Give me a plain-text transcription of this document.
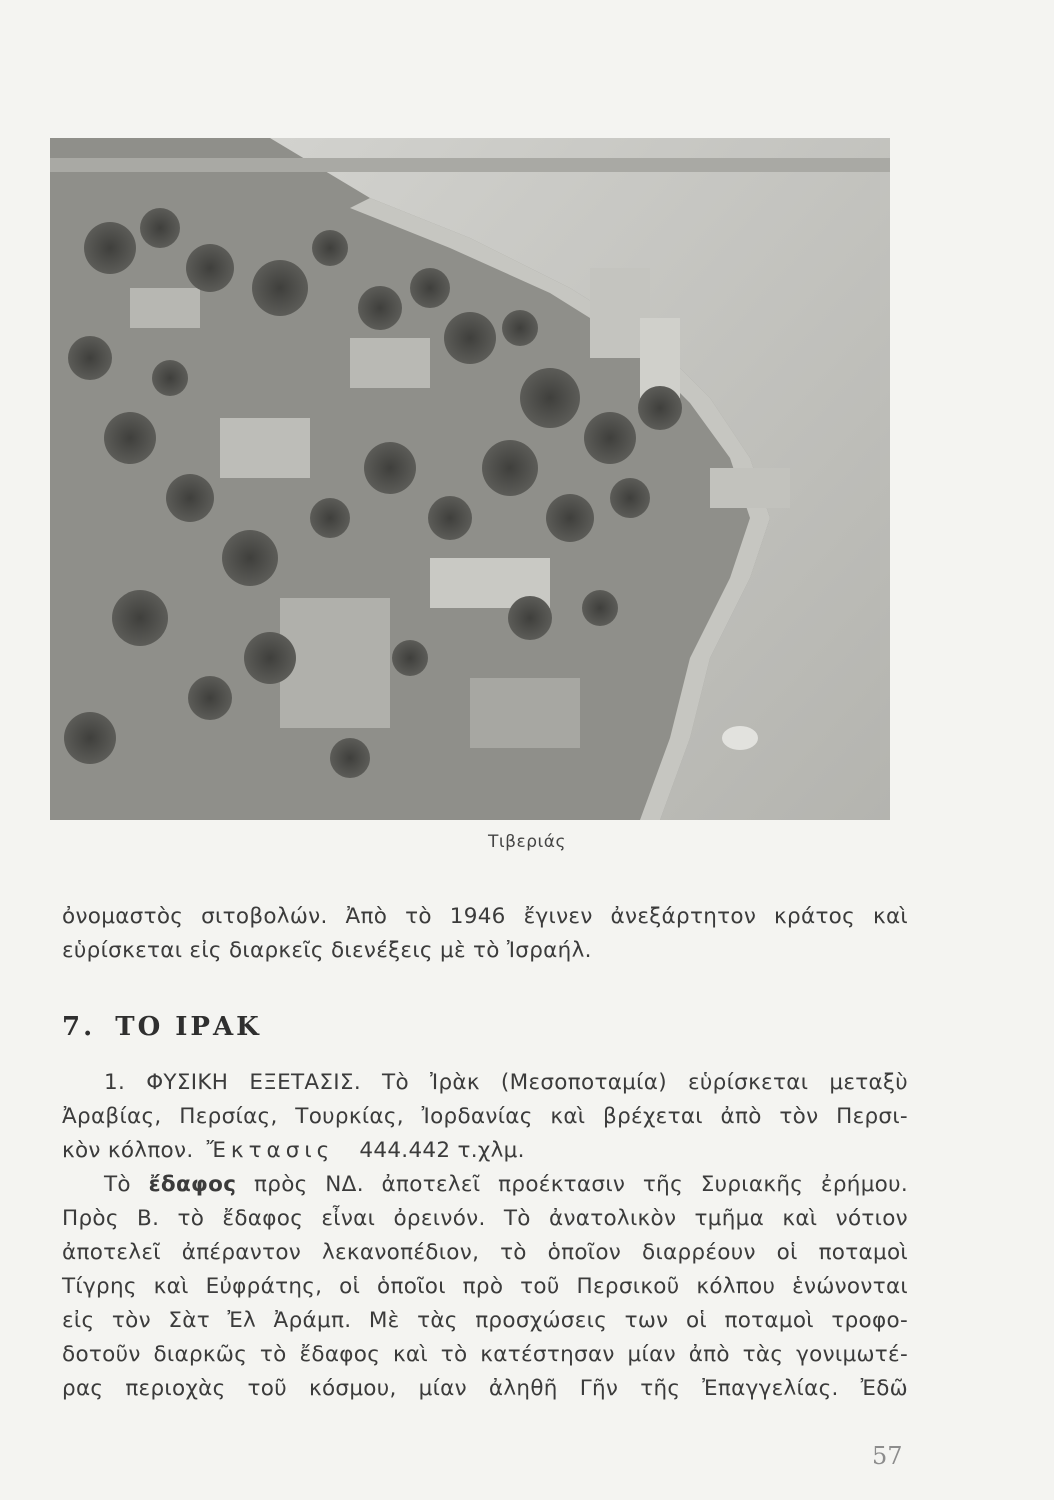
Τιβεριάς
ὀνομαστὸς σιτοβολών. Ἀπὸ τὸ 1946 ἔγινεν ἀνεξάρτητον κράτος καὶ
εὑρίσκεται εἰς διαρκεῖς διενέξεις μὲ τὸ Ἰσραήλ.
7. ΤΟ ΙΡΑΚ
1. ΦΥΣΙΚΗ ΕΞΕΤΑΣΙΣ. Τὸ Ἰρὰκ (Μεσοποταμία) εὑρίσκεται μεταξὺ
Ἀραβίας, Περσίας, Τουρκίας, Ἰορδανίας καὶ βρέχεται ἀπὸ τὸν Περσι-
κὸν κόλπον. Ἔκτασις 444.442 τ.χλμ.
Τὸ ἔδαφος πρὸς ΝΔ. ἀποτελεῖ προέκτασιν τῆς Συριακῆς ἐρήμου.
Πρὸς Β. τὸ ἔδαφος εἶναι ὀρεινόν. Τὸ ἀνατολικὸν τμῆμα καὶ νότιον
ἀποτελεῖ ἀπέραντον λεκανοπέδιον, τὸ ὁποῖον διαρρέουν οἱ ποταμοὶ
Τίγρης καὶ Εὐφράτης, οἱ ὁποῖοι πρὸ τοῦ Περσικοῦ κόλπου ἑνώνονται
εἰς τὸν Σὰτ Ἐλ Ἀράμπ. Μὲ τὰς προσχώσεις των οἱ ποταμοὶ τροφο-
δοτοῦν διαρκῶς τὸ ἔδαφος καὶ τὸ κατέστησαν μίαν ἀπὸ τὰς γονιμωτέ-
ρας περιοχὰς τοῦ κόσμου, μίαν ἀληθῆ Γῆν τῆς Ἐπαγγελίας. Ἐδῶ
57
